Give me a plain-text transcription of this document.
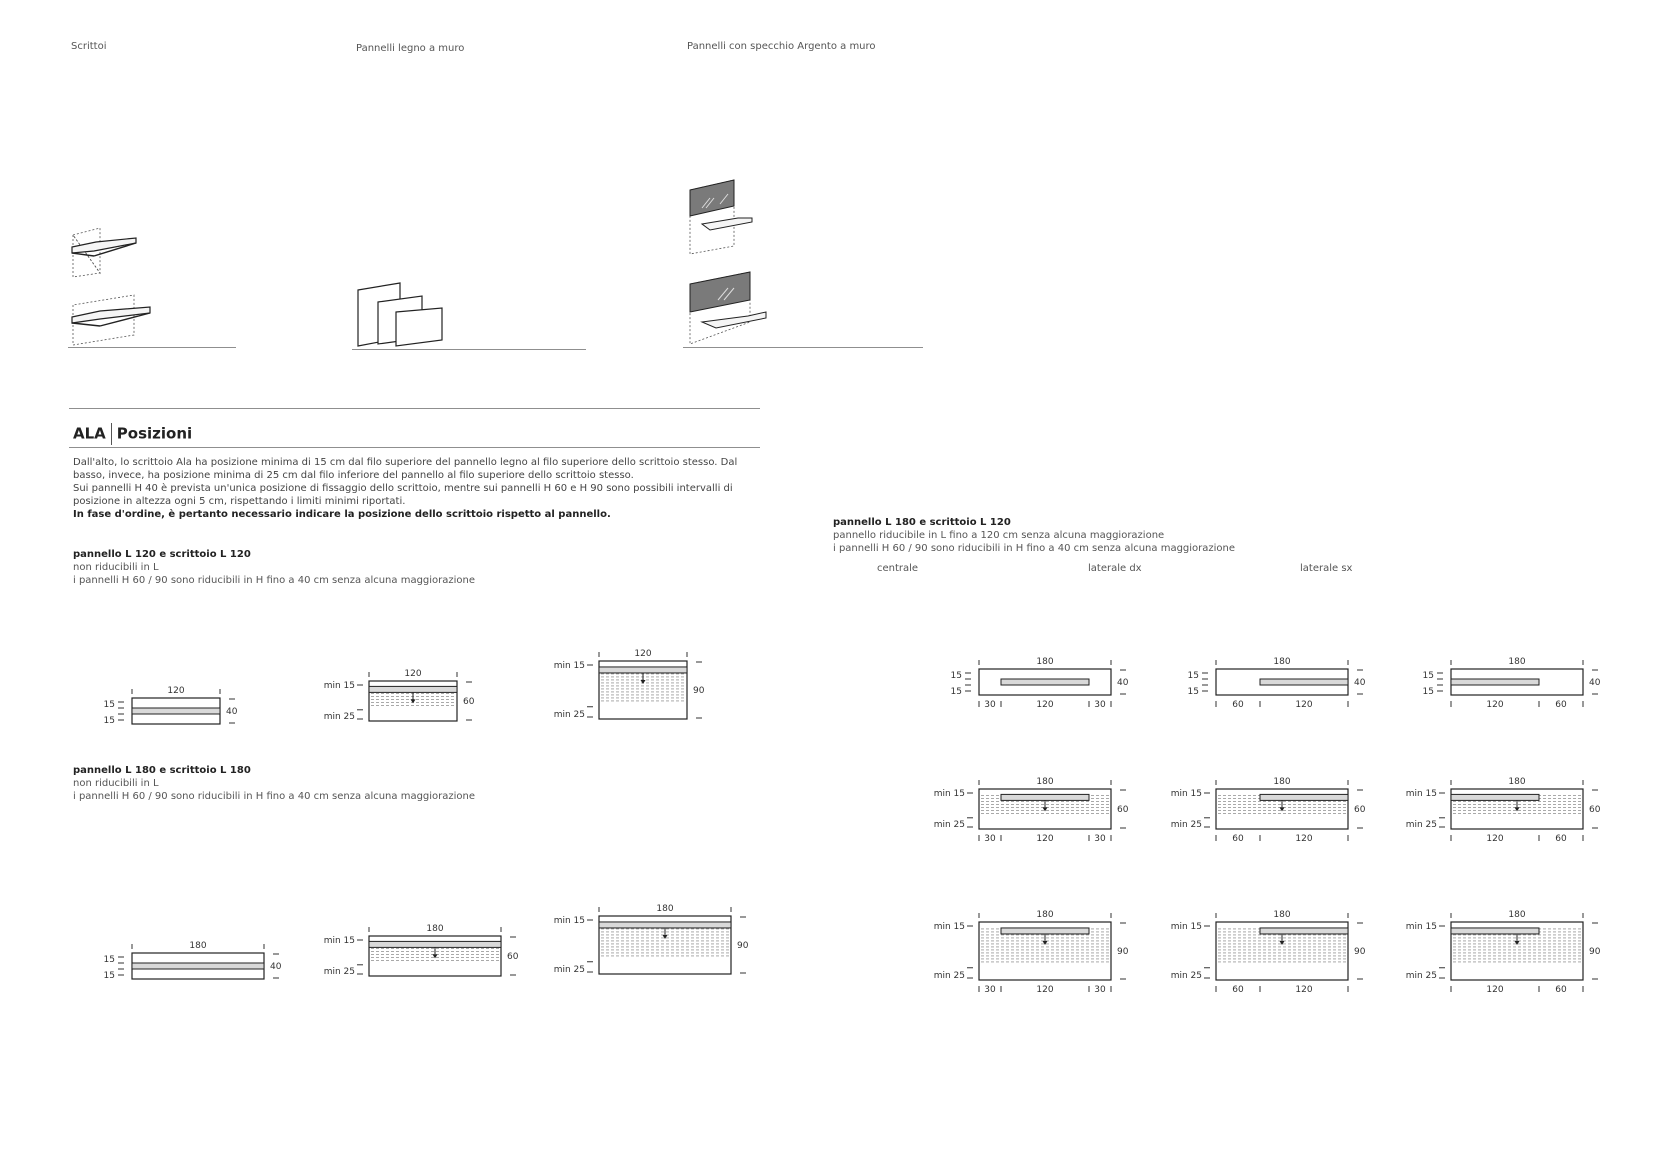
Scrittoi	Pannelli legno a muro	Pannelli con specchio Argento a muro
ALA Posizioni

Dall'alto, lo scrittoio Ala ha posizione minima di 15 cm dal filo superiore del pannello legno al filo superiore dello scrittoio stesso. Dal basso, invece, ha posizione minima di 25 cm dal filo inferiore del pannello al filo superiore dello scrittoio stesso.

Sui pannelli H 40 è prevista un'unica posizione di fissaggio dello scrittoio, mentre sui pannelli H 60 e H 90 sono possibili intervalli di posizione in altezza ogni 5 cm, rispettando i limiti minimi riportati.

In fase d'ordine, è pertanto necessario indicare la posizione dello scrittoio rispetto al pannello.

pannello L 120 e scrittoio L 120
non riducibili in L
i pannelli H 60 / 90 sono riducibili in H fino a 40 cm senza alcuna maggiorazione
pannello L 180 e scrittoio L 180
non riducibili in L
i pannelli H 60 / 90 sono riducibili in H fino a 40 cm senza alcuna maggiorazione
pannello L 180 e scrittoio L 120
pannello riducibile in L fino a 120 cm senza alcuna maggiorazione
i pannelli H 60 / 90 sono riducibili in H fino a 40 cm senza alcuna maggiorazione
centrale	laterale dx	laterale sx
120
15
15
40
120
min 15
min 25
60
120
min 15
min 25
90
180
15
15
40
180
min 15
min 25
60
180
min 15
min 25
90
180
15
15
40
30	120	30
180
15
15
40
60	120
180
15
15
40
120	60
180
min 15
min 25
60
30	120	30
180
min 15
min 25
60
60	120
180
min 15
min 25
60
120	60
180
min 15
min 25
90
30	120	30
180
min 15
min 25
90
60	120
180
min 15
min 25
90
120	60
